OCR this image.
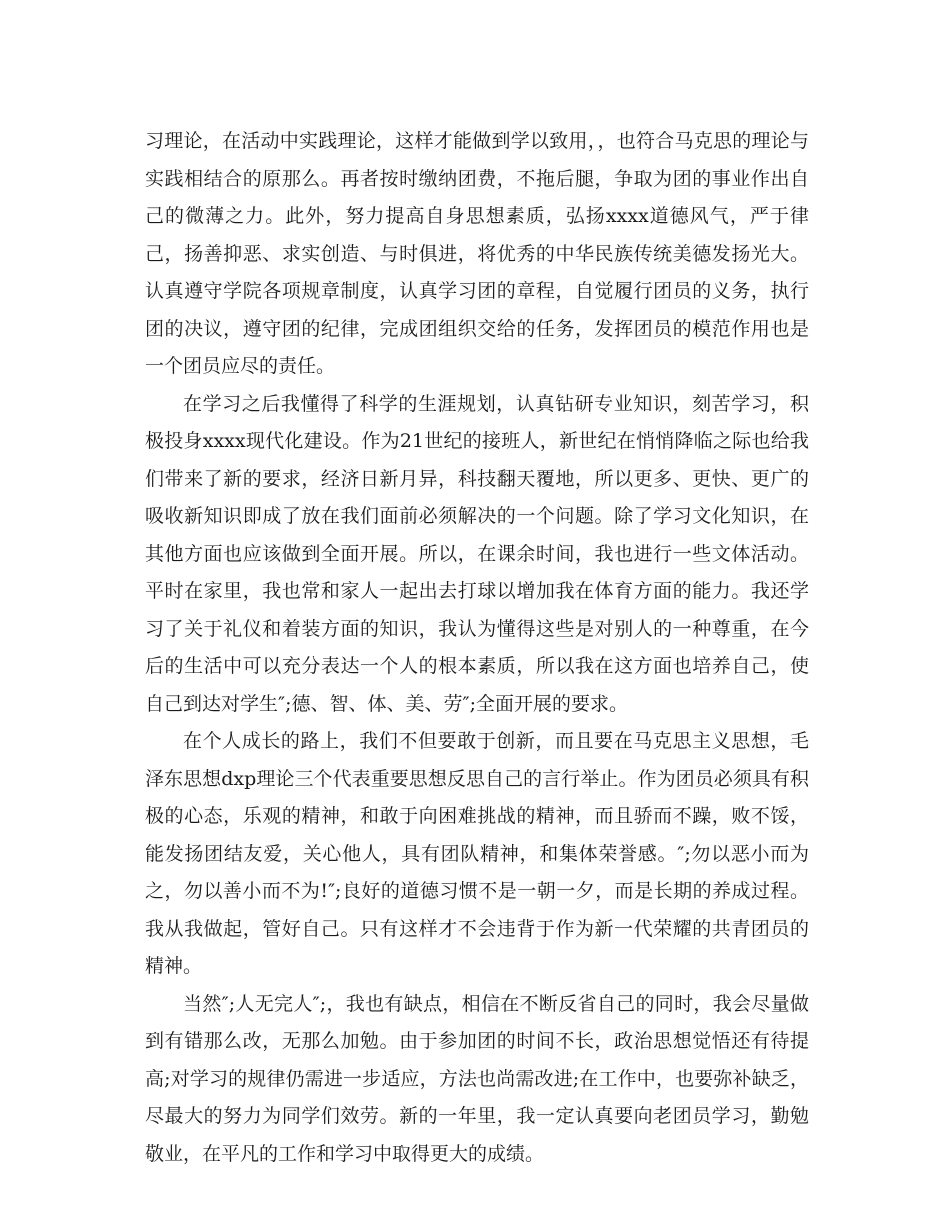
习理论，在活动中实践理论，这样才能做到学以致用，，也符合马克思的理论与实践相结合的原那么。再者按时缴纳团费，不拖后腿，争取为团的事业作出自己的微薄之力。此外，努力提高自身思想素质，弘扬xxxx道德风气，严于律己，扬善抑恶、求实创造、与时俱进，将优秀的中华民族传统美德发扬光大。认真遵守学院各项规章制度，认真学习团的章程，自觉履行团员的义务，执行团的决议，遵守团的纪律，完成团组织交给的任务，发挥团员的模范作用也是一个团员应尽的责任。

在学习之后我懂得了科学的生涯规划，认真钻研专业知识，刻苦学习，积极投身xxxx现代化建设。作为21世纪的接班人，新世纪在悄悄降临之际也给我们带来了新的要求，经济日新月异，科技翻天覆地，所以更多、更快、更广的吸收新知识即成了放在我们面前必须解决的一个问题。除了学习文化知识，在其他方面也应该做到全面开展。所以，在课余时间，我也进行一些文体活动。平时在家里，我也常和家人一起出去打球以增加我在体育方面的能力。我还学习了关于礼仪和着装方面的知识，我认为懂得这些是对别人的一种尊重，在今后的生活中可以充分表达一个人的根本素质，所以我在这方面也培养自己，使自己到达对学生″;德、智、体、美、劳″;全面开展的要求。

在个人成长的路上，我们不但要敢于创新，而且要在马克思主义思想，毛泽东思想dxp理论三个代表重要思想反思自己的言行举止。作为团员必须具有积极的心态，乐观的精神，和敢于向困难挑战的精神，而且骄而不躁，败不馁，能发扬团结友爱，关心他人，具有团队精神，和集体荣誉感。″;勿以恶小而为之，勿以善小而不为!″;良好的道德习惯不是一朝一夕，而是长期的养成过程。我从我做起，管好自己。只有这样才不会违背于作为新一代荣耀的共青团员的精神。

当然″;人无完人″;，我也有缺点，相信在不断反省自己的同时，我会尽量做到有错那么改，无那么加勉。由于参加团的时间不长，政治思想觉悟还有待提高;对学习的规律仍需进一步适应，方法也尚需改进;在工作中，也要弥补缺乏，尽最大的努力为同学们效劳。新的一年里，我一定认真要向老团员学习，勤勉敬业，在平凡的工作和学习中取得更大的成绩。
